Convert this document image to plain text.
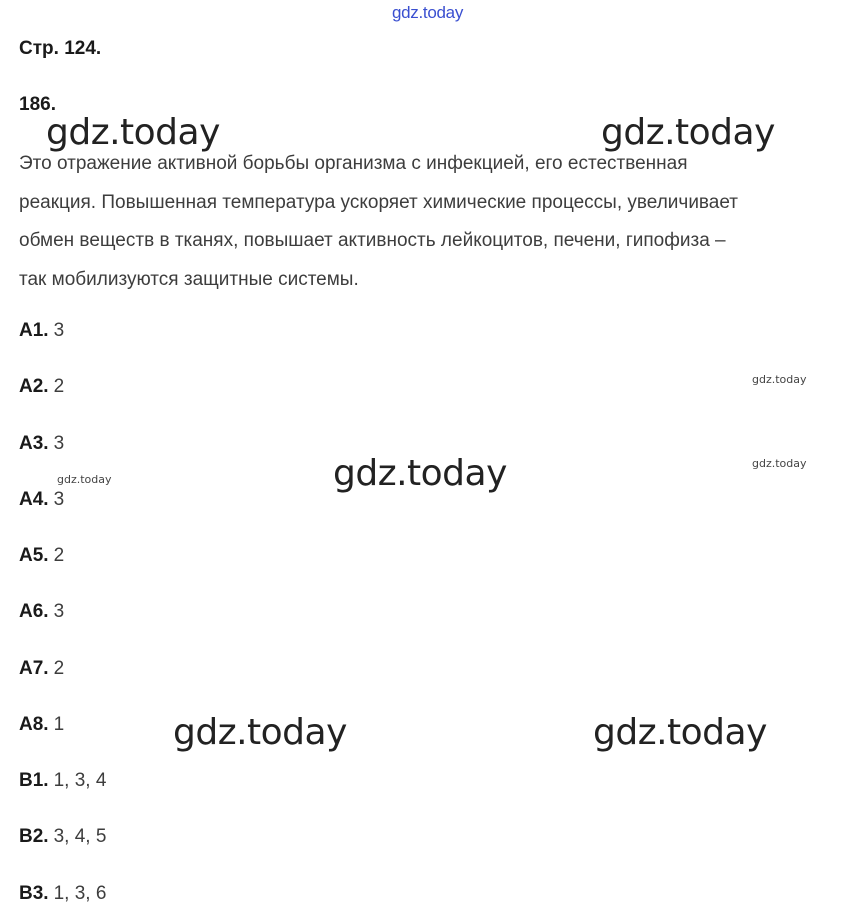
gdz.today
Стр. 124.
186.
Это отражение активной борьбы организма с инфекцией, его естественная
реакция. Повышенная температура ускоряет химические процессы, увеличивает
обмен веществ в тканях, повышает активность лейкоцитов, печени, гипофиза –
так мобилизуются защитные системы.
А1. 3
А2. 2
А3. 3
А4. 3
А5. 2
А6. 3
А7. 2
А8. 1
В1. 1, 3, 4
В2. 3, 4, 5
В3. 1, 3, 6
gdz.today	gdz.today
gdz.today
gdz.today	gdz.today
gdz.today
gdz.today
gdz.today
